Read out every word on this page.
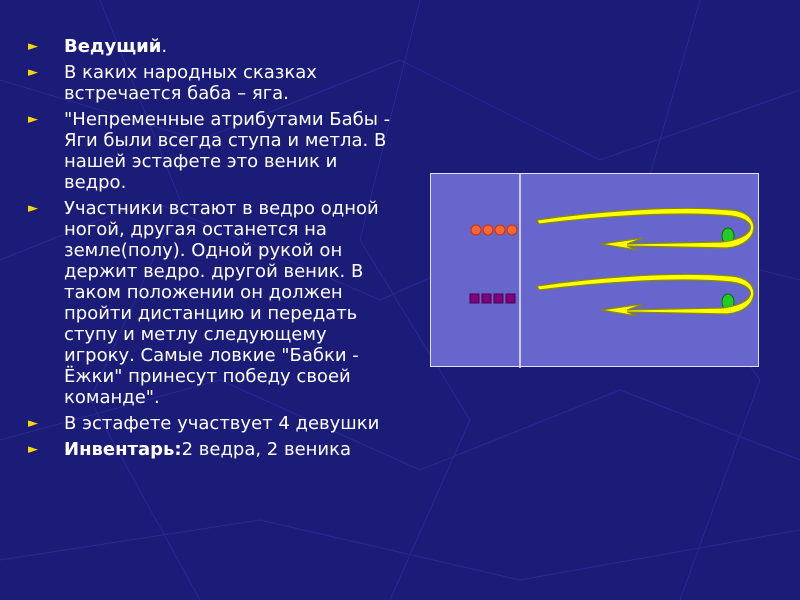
► Ведущий.
► В каких народных сказках встречается баба – яга.
► "Непременные атрибутами Бабы - Яги были всегда ступа и метла. В нашей эстафете это веник и ведро.
► Участники встают в ведро одной ногой, другая останется на земле(полу). Одной рукой он держит ведро. другой веник. В таком положении он должен пройти дистанцию и передать ступу и метлу следующему игроку. Самые ловкие "Бабки - Ёжки" принесут победу своей команде".
► В эстафете участвует 4 девушки
► Инвентарь:2 ведра, 2 веника
